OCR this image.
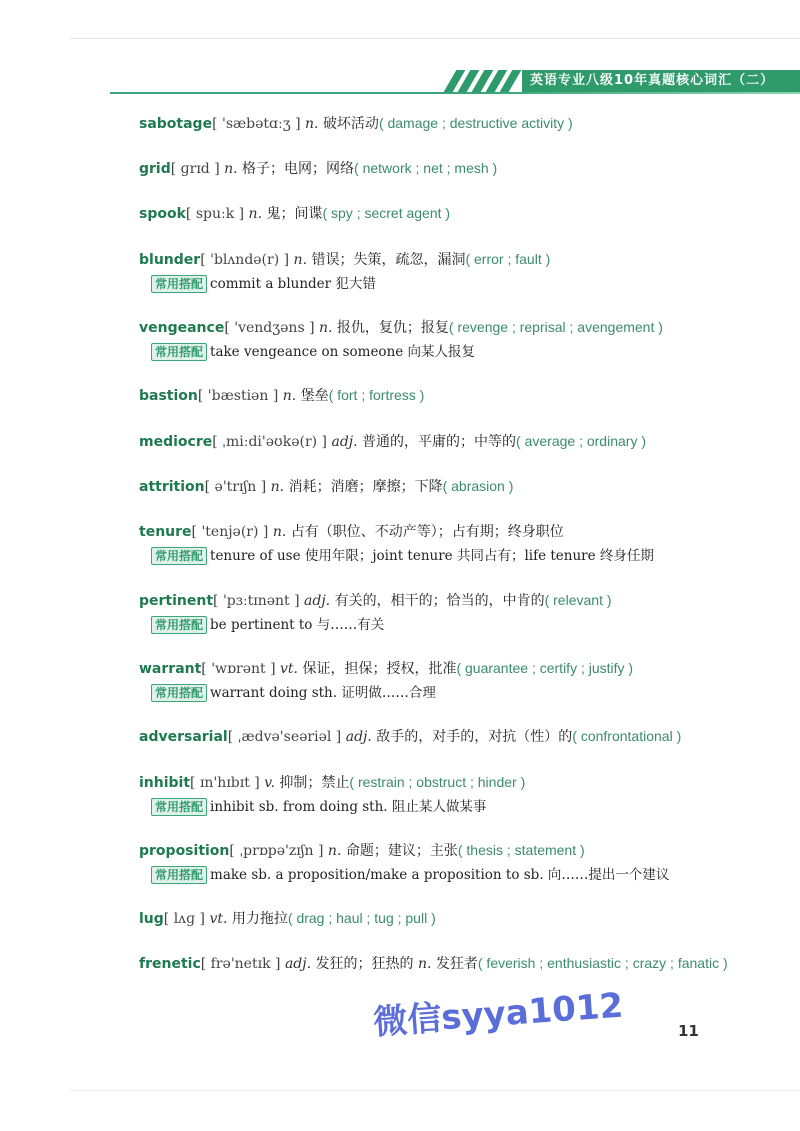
英语专业八级10年真题核心词汇（二）
sabotage[ 'sæbətɑːʒ ] n. 破坏活动( damage ; destructive activity )
grid[ ɡrɪd ] n. 格子；电网；网络( network ; net ; mesh )
spook[ spuːk ] n. 鬼；间谍( spy ; secret agent )
blunder[ 'blʌndə(r) ] n. 错误；失策，疏忽，漏洞( error ; fault )
常用搭配 commit a blunder 犯大错
vengeance[ 'vendʒəns ] n. 报仇，复仇；报复( revenge ; reprisal ; avengement )
常用搭配 take vengeance on someone 向某人报复
bastion[ 'bæstiən ] n. 堡垒( fort ; fortress )
mediocre[ ˌmiːdi'əʊkə(r) ] adj. 普通的，平庸的；中等的( average ; ordinary )
attrition[ ə'trɪʃn ] n. 消耗；消磨；摩擦；下降( abrasion )
tenure[ 'tenjə(r) ] n. 占有（职位、不动产等）；占有期；终身职位
常用搭配 tenure of use 使用年限；joint tenure 共同占有；life tenure 终身任期
pertinent[ 'pɜːtɪnənt ] adj. 有关的，相干的；恰当的，中肯的( relevant )
常用搭配 be pertinent to 与……有关
warrant[ 'wɒrənt ] vt. 保证，担保；授权，批准( guarantee ; certify ; justify )
常用搭配 warrant doing sth. 证明做……合理
adversarial[ ˌædvə'seəriəl ] adj. 敌手的，对手的，对抗（性）的( confrontational )
inhibit[ ɪn'hɪbɪt ] v. 抑制；禁止( restrain ; obstruct ; hinder )
常用搭配 inhibit sb. from doing sth. 阻止某人做某事
proposition[ ˌprɒpə'zɪʃn ] n. 命题；建议；主张( thesis ; statement )
常用搭配 make sb. a proposition/make a proposition to sb. 向……提出一个建议
lug[ lʌɡ ] vt. 用力拖拉( drag ; haul ; tug ; pull )
frenetic[ frə'netɪk ] adj. 发狂的；狂热的 n. 发狂者( feverish ; enthusiastic ; crazy ; fanatic )
微信syya1012	11
